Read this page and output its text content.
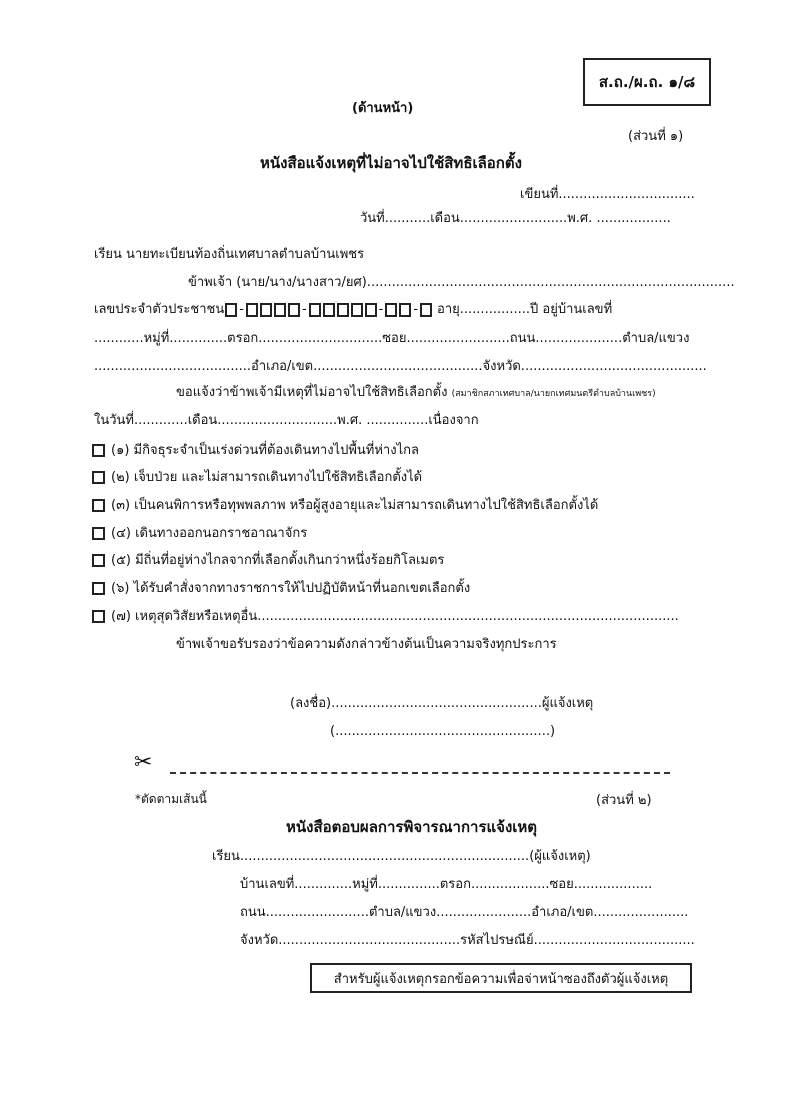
ส.ถ./ผ.ถ. ๑/๘
(ด้านหน้า)
(ส่วนที่ ๑)
หนังสือแจ้งเหตุที่ไม่อาจไปใช้สิทธิเลือกตั้ง
เขียนที่.................................
วันที่...........เดือน..........................พ.ศ. ..................
เรียน นายทะเบียนท้องถิ่นเทศบาลตำบลบ้านเพชร
ข้าพเจ้า (นาย/นาง/นางสาว/ยศ).........................................................................................
เลขประจำตัวประชาชน -	-	- - อายุ.................ปี อยู่บ้านเลขที่
............หมู่ที่..............ตรอก..............................ซอย.........................ถนน.....................ตำบล/แขวง
......................................อำเภอ/เขต.........................................จังหวัด.............................................
ขอแจ้งว่าข้าพเจ้ามีเหตุที่ไม่อาจไปใช้สิทธิเลือกตั้ง (สมาชิกสภาเทศบาล/นายกเทศมนตรีตำบลบ้านเพชร)
ในวันที่.............เดือน.............................พ.ศ. ...............เนื่องจาก
(๑) มีกิจธุระจำเป็นเร่งด่วนที่ต้องเดินทางไปพื้นที่ห่างไกล
(๒) เจ็บป่วย และไม่สามารถเดินทางไปใช้สิทธิเลือกตั้งได้
(๓) เป็นคนพิการหรือทุพพลภาพ หรือผู้สูงอายุและไม่สามารถเดินทางไปใช้สิทธิเลือกตั้งได้
(๔) เดินทางออกนอกราชอาณาจักร
(๕) มีถิ่นที่อยู่ห่างไกลจากที่เลือกตั้งเกินกว่าหนึ่งร้อยกิโลเมตร
(๖) ได้รับคำสั่งจากทางราชการให้ไปปฏิบัติหน้าที่นอกเขตเลือกตั้ง
(๗) เหตุสุดวิสัยหรือเหตุอื่น......................................................................................................
ข้าพเจ้าขอรับรองว่าข้อความดังกล่าวข้างต้นเป็นความจริงทุกประการ
(ลงชื่อ)...................................................ผู้แจ้งเหตุ
(....................................................)
✂
*ตัดตามเส้นนี้	(ส่วนที่ ๒)
หนังสือตอบผลการพิจารณาการแจ้งเหตุ
เรียน......................................................................(ผู้แจ้งเหตุ)
บ้านเลขที่..............หมู่ที่...............ตรอก...................ซอย...................
ถนน.........................ตำบล/แขวง.......................อำเภอ/เขต.......................
จังหวัด............................................รหัสไปรษณีย์.......................................
สำหรับผู้แจ้งเหตุกรอกข้อความเพื่อจ่าหน้าซองถึงตัวผู้แจ้งเหตุ
